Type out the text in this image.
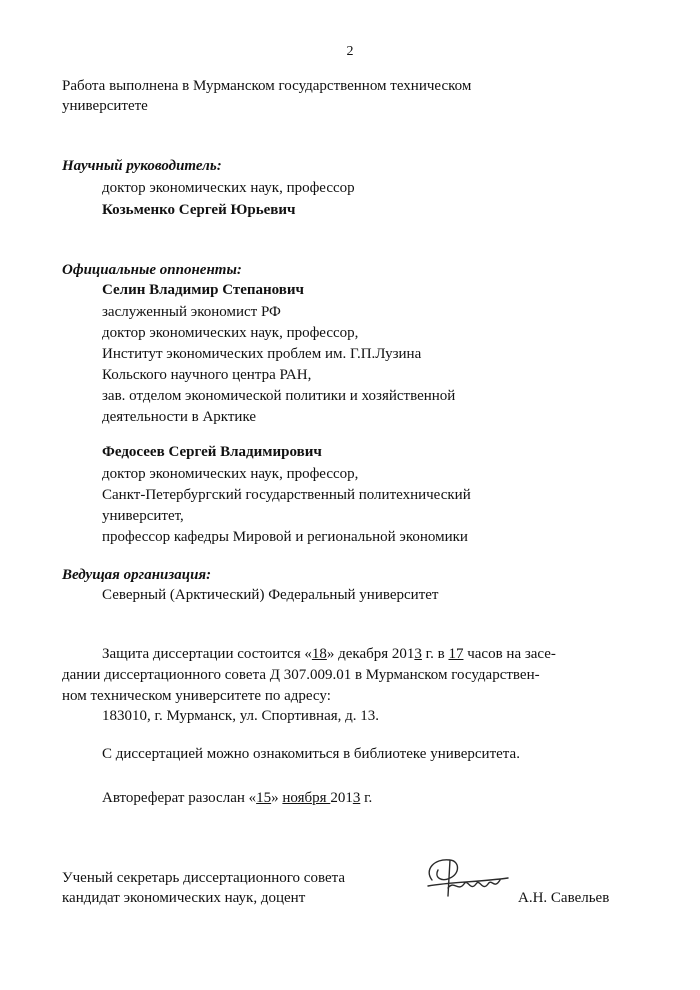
2
Работа выполнена в Мурманском государственном техническом
университете
Научный руководитель:
доктор экономических наук, профессор
Козьменко Сергей Юрьевич
Официальные оппоненты:
Селин Владимир Степанович
заслуженный экономист РФ
доктор экономических наук, профессор,
Институт экономических проблем им. Г.П.Лузина
Кольского научного центра РАН,
зав. отделом экономической политики и хозяйственной
деятельности в Арктике
Федосеев Сергей Владимирович
доктор экономических наук, профессор,
Санкт-Петербургский государственный политехнический
университет,
профессор кафедры Мировой и региональной экономики
Ведущая организация:
Северный (Арктический) Федеральный университет
Защита диссертации состоится «18» декабря 2013 г. в 17 часов на засе-
дании диссертационного совета Д 307.009.01 в Мурманском государствен-
ном техническом университете по адресу:
183010, г. Мурманск, ул. Спортивная, д. 13.
С диссертацией можно ознакомиться в библиотеке университета.
Автореферат разослан «15» ноября 2013 г.
Ученый секретарь диссертационного совета
кандидат экономических наук, доцент	А.Н. Савельев
